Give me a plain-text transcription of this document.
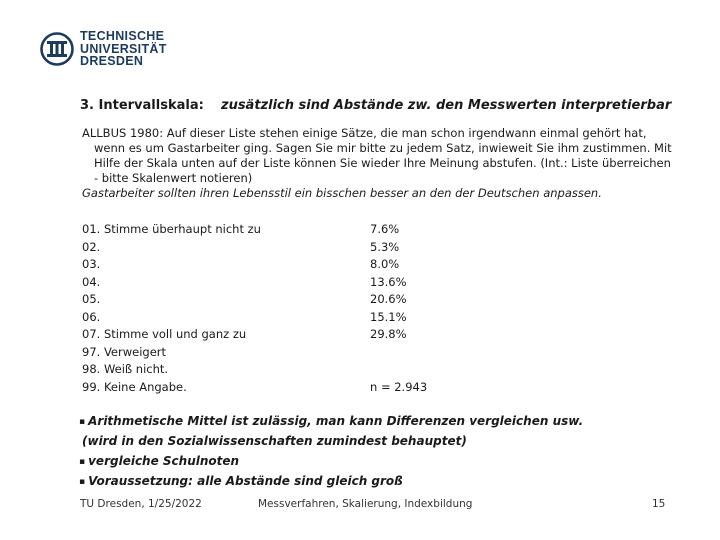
TECHNISCHE
UNIVERSITÄT
DRESDEN
3. Intervallskala: zusätzlich sind Abstände zw. den Messwerten interpretierbar
ALLBUS 1980: Auf dieser Liste stehen einige Sätze, die man schon irgendwann einmal gehört hat, wenn es um Gastarbeiter ging. Sagen Sie mir bitte zu jedem Satz, inwieweit Sie ihm zustimmen. Mit Hilfe der Skala unten auf der Liste können Sie wieder Ihre Meinung abstufen. (Int.: Liste überreichen - bitte Skalenwert notieren)
Gastarbeiter sollten ihren Lebensstil ein bisschen besser an den der Deutschen anpassen.
01. Stimme überhaupt nicht zu	7.6%
02.	5.3%
03.	8.0%
04.	13.6%
05.	20.6%
06.	15.1%
07. Stimme voll und ganz zu	29.8%
97. Verweigert
98. Weiß nicht.
99. Keine Angabe.	n = 2.943
▪ Arithmetische Mittel ist zulässig, man kann Differenzen vergleichen usw.
(wird in den Sozialwissenschaften zumindest behauptet)
▪ vergleiche Schulnoten
▪ Voraussetzung: alle Abstände sind gleich groß
TU Dresden, 1/25/2022	Messverfahren, Skalierung, Indexbildung	15
